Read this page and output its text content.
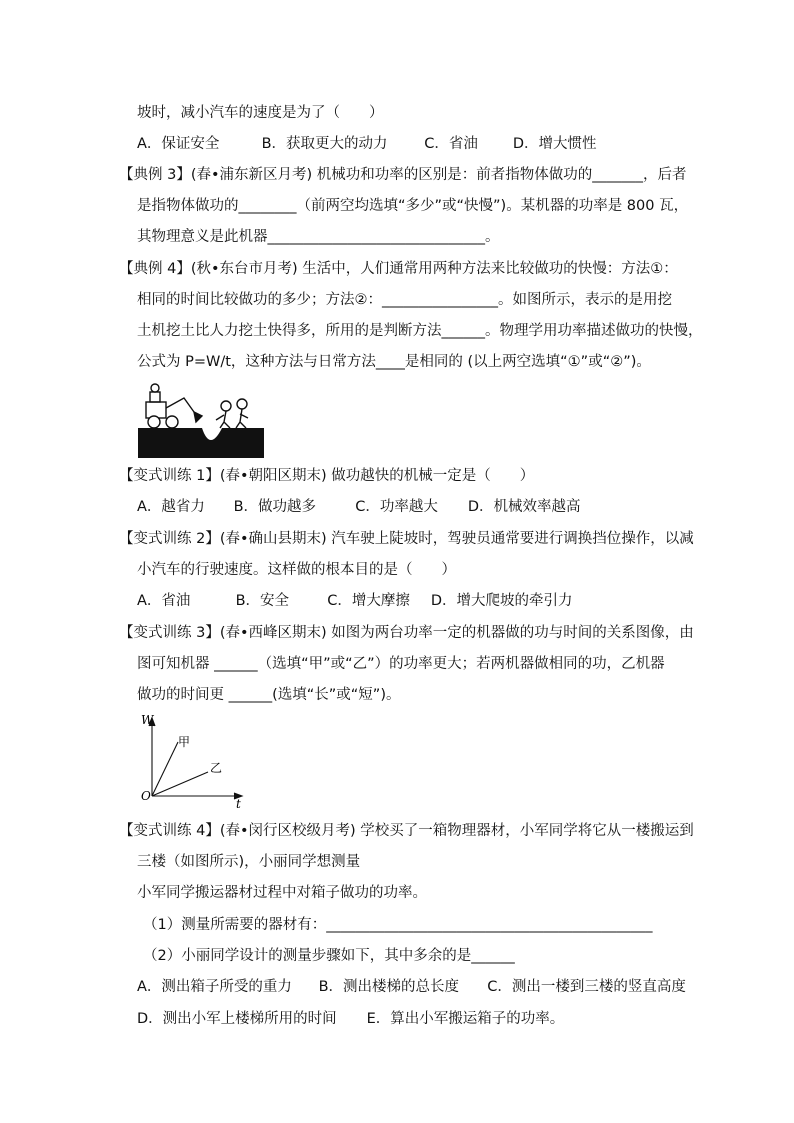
坡时，减小汽车的速度是为了（　　）
A．保证安全	B．获取更大的动力	C．省油 D．增大惯性
【典例 3】(春•浦东新区月考) 机械功和功率的区别是：前者指物体做功的_______，后者
是指物体做功的________（前两空均选填“多少”或“快慢”)。某机器的功率是 800 瓦，
其物理意义是此机器______________________________。
【典例 4】(秋•东台市月考) 生活中，人们通常用两种方法来比较做功的快慢：方法①：
相同的时间比较做功的多少；方法②：________________。如图所示，表示的是用挖
土机挖土比人力挖土快得多，所用的是判断方法______。物理学用功率描述做功的快慢，
公式为 P=W/t，这种方法与日常方法____是相同的 (以上两空选填“①”或“②”)。
【变式训练 1】(春•朝阳区期末) 做功越快的机械一定是（　　）
A．越省力 B．做功越多	C．功率越大 D．机械效率越高
【变式训练 2】(春•确山县期末) 汽车驶上陡坡时，驾驶员通常要进行调换挡位操作，以减
小汽车的行驶速度。这样做的根本目的是（　　）
A．省油	B．安全	C．增大摩擦 D．增大爬坡的牵引力
【变式训练 3】(春•西峰区期末) 如图为两台功率一定的机器做的功与时间的关系图像，由
图可知机器 ______（选填“甲”或“乙”）的功率更大；若两机器做相同的功，乙机器
做功的时间更 ______(选填“长”或“短”)。
W
t
O
甲
乙
【变式训练 4】(春•闵行区校级月考) 学校买了一箱物理器材，小军同学将它从一楼搬运到
三楼（如图所示)，小丽同学想测量
小军同学搬运器材过程中对箱子做功的功率。
（1）测量所需要的器材有：_____________________________________________
（2）小丽同学设计的测量步骤如下，其中多余的是______
A．测出箱子所受的重力 B．测出楼梯的总长度 C．测出一楼到三楼的竖直高度
D．测出小军上楼梯所用的时间 E．算出小军搬运箱子的功率。
